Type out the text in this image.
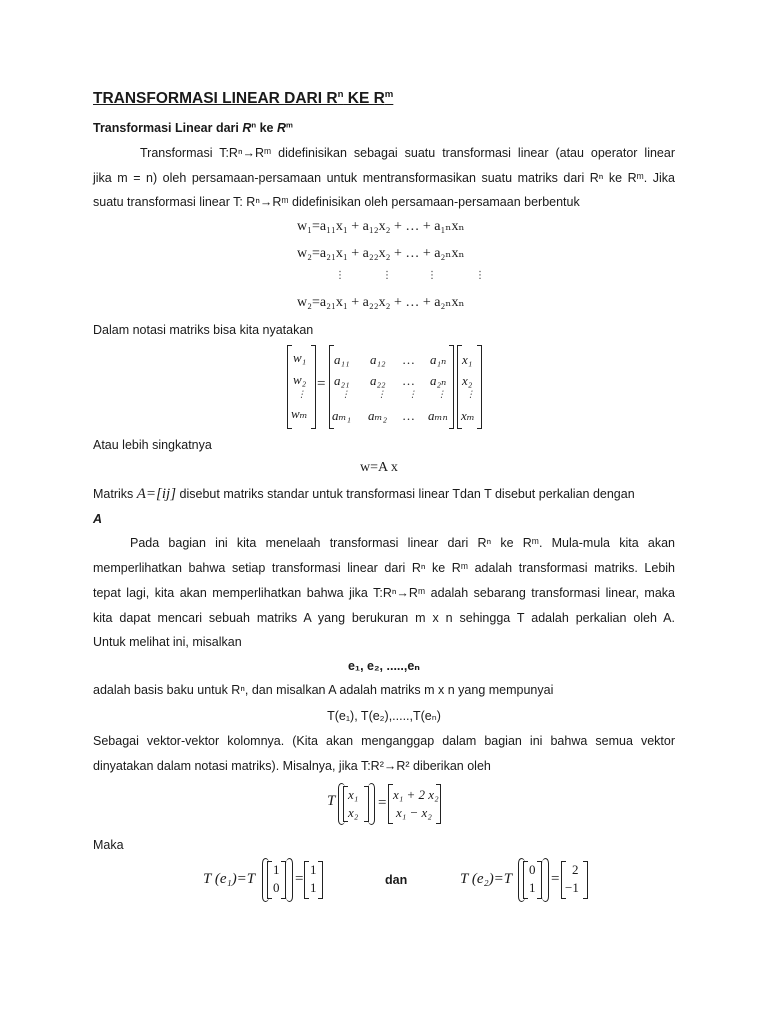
TRANSFORMASI LINEAR DARI $R^n$ KE $R^m$
Transformasi Linear dari $R^n$ ke $R^m$
Transformasi T:Rⁿ→Rᵐ didefinisikan sebagai suatu transformasi linear (atau operator linear
jika m = n) oleh persamaan-persamaan untuk mentransformasikan suatu matriks dari Rⁿ ke Rᵐ. Jika
suatu transformasi linear T: Rⁿ→Rᵐ didefinisikan oleh persamaan-persamaan berbentuk
w₁=a₁₁x₁ + a₁₂x₂ + … + a₁ₙxₙ
w₂=a₂₁x₁ + a₂₂x₂ + … + a₂ₙxₙ
⋮	⋮	⋮	⋮
w₂=a₂₁x₁ + a₂₂x₂ + … + a₂ₙxₙ
Dalam notasi matriks bisa kita nyatakan
w₁
w₂
⋮
wₘ
=
a₁₁ a₁₂ … a₁ₙ
a₂₁ a₂₂ … a₂ₙ
⋮	⋮ ⋮ ⋮
aₘ₁ aₘ₂ … aₘₙ
x₁
x₂
⋮
xₘ
Atau lebih singkatnya
w=A x
Matriks A=[ij] disebut matriks standar untuk transformasi linear Tdan T disebut perkalian dengan
A
Pada bagian ini kita menelaah transformasi linear dari Rⁿ ke Rᵐ. Mula-mula kita akan
memperlihatkan bahwa setiap transformasi linear dari Rⁿ ke Rᵐ adalah transformasi matriks. Lebih
tepat lagi, kita akan memperlihatkan bahwa jika T:Rⁿ→Rᵐ adalah sebarang transformasi linear, maka
kita dapat mencari sebuah matriks A yang berukuran m x n sehingga T adalah perkalian oleh A.
Untuk melihat ini, misalkan
e₁, e₂, .....,eₙ
adalah basis baku untuk Rⁿ, dan misalkan A adalah matriks m x n yang mempunyai
T(e₁), T(e₂),.....,T(eₙ)
Sebagai vektor-vektor kolomnya. (Kita akan menganggap dalam bagian ini bahwa semua vektor
dinyatakan dalam notasi matriks). Misalnya, jika T:R²→R² diberikan oleh
T x₁
x₂
=
x₁ + 2 x₂
x₁ − x₂
Maka
T (e₁)=T
1
0
=
1
1	dan	T (e₂)=T
0
1
=
2
−1
